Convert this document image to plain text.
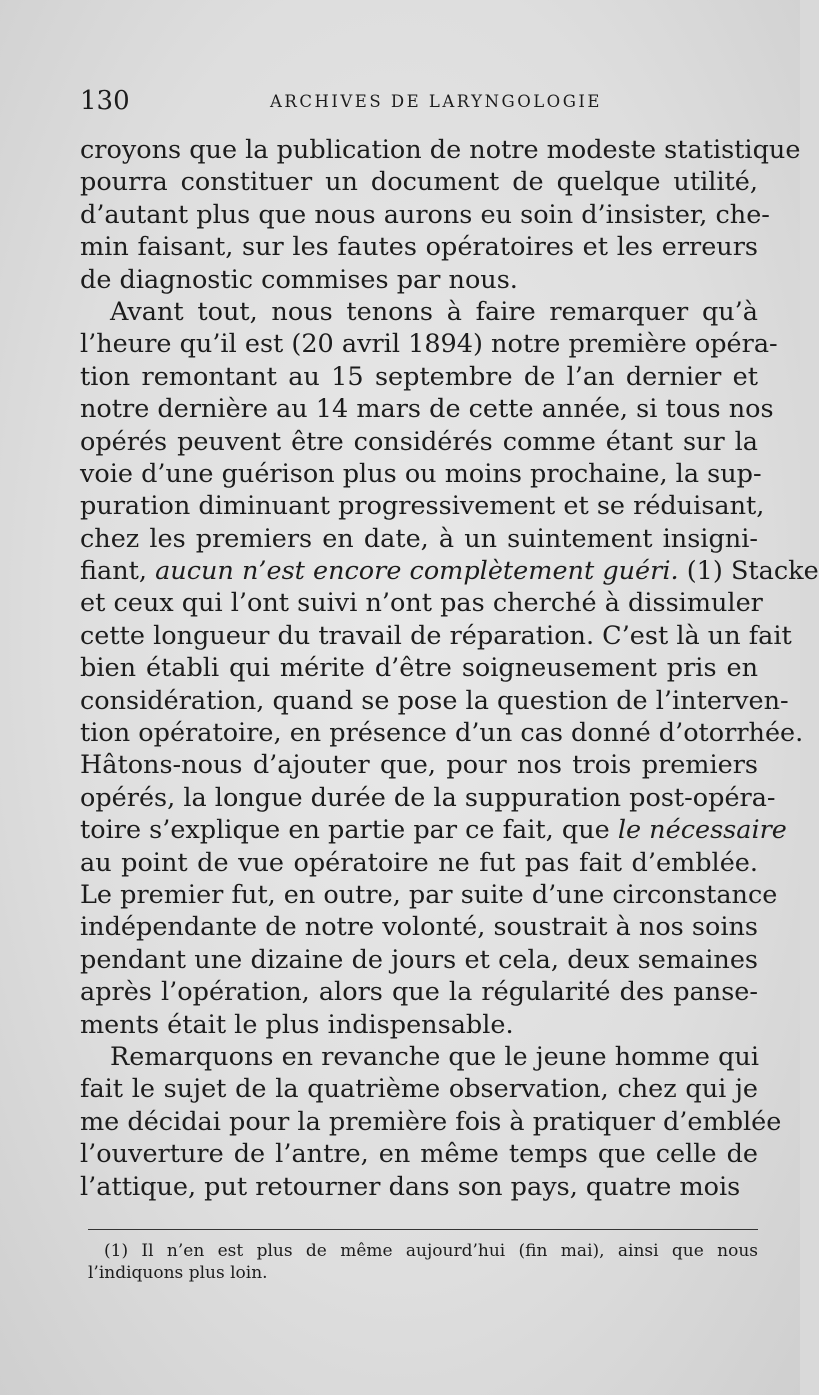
130	ARCHIVES DE LARYNGOLOGIE
croyons que la publication de notre modeste statistique
pourra constituer un document de quelque utilité,
d’autant plus que nous aurons eu soin d’insister, che-
min faisant, sur les fautes opératoires et les erreurs
de diagnostic commises par nous.
Avant tout, nous tenons à faire remarquer qu’à
l’heure qu’il est (20 avril 1894) notre première opéra-
tion remontant au 15 septembre de l’an dernier et
notre dernière au 14 mars de cette année, si tous nos
opérés peuvent être considérés comme étant sur la
voie d’une guérison plus ou moins prochaine, la sup-
puration diminuant progressivement et se réduisant,
chez les premiers en date, à un suintement insigni-
fiant, aucun n’est encore complètement guéri. (1) Stacke
et ceux qui l’ont suivi n’ont pas cherché à dissimuler
cette longueur du travail de réparation. C’est là un fait
bien établi qui mérite d’être soigneusement pris en
considération, quand se pose la question de l’interven-
tion opératoire, en présence d’un cas donné d’otorrhée.
Hâtons-nous d’ajouter que, pour nos trois premiers
opérés, la longue durée de la suppuration post-opéra-
toire s’explique en partie par ce fait, que le nécessaire
au point de vue opératoire ne fut pas fait d’emblée.
Le premier fut, en outre, par suite d’une circonstance
indépendante de notre volonté, soustrait à nos soins
pendant une dizaine de jours et cela, deux semaines
après l’opération, alors que la régularité des panse-
ments était le plus indispensable.
Remarquons en revanche que le jeune homme qui
fait le sujet de la quatrième observation, chez qui je
me décidai pour la première fois à pratiquer d’emblée
l’ouverture de l’antre, en même temps que celle de
l’attique, put retourner dans son pays, quatre mois
(1) Il n’en est plus de même aujourd’hui (fin mai), ainsi que nous
l’indiquons plus loin.
